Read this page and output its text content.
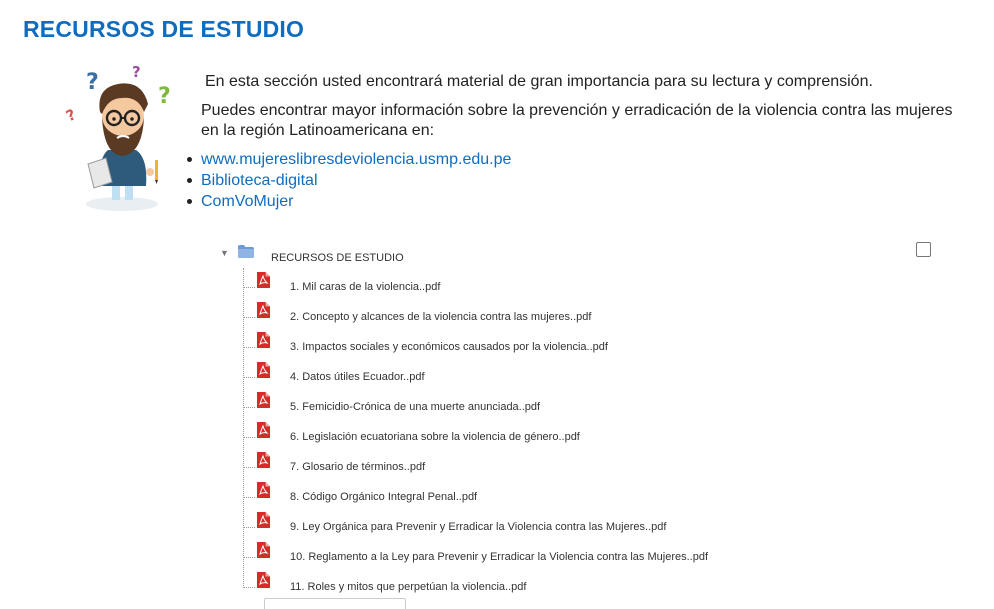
RECURSOS DE ESTUDIO
? ?
?
?

En esta sección usted encontrará material de gran importancia para su lectura y comprensión.

Puedes encontrar mayor información sobre la prevención y erradicación de la violencia contra las mujeres en la región Latinoamericana en:

www.mujereslibresdeviolencia.usmp.edu.pe
Biblioteca-digital
ComVoMujer
▼	RECURSOS DE ESTUDIO
1. Mil caras de la violencia..pdf
2. Concepto y alcances de la violencia contra las mujeres..pdf
3. Impactos sociales y económicos causados por la violencia..pdf
4. Datos útiles Ecuador..pdf
5. Femicidio-Crónica de una muerte anunciada..pdf
6. Legislación ecuatoriana sobre la violencia de género..pdf
7. Glosario de términos..pdf
8. Código Orgánico Integral Penal..pdf
9. Ley Orgánica para Prevenir y Erradicar la Violencia contra las Mujeres..pdf
10. Reglamento a la Ley para Prevenir y Erradicar la Violencia contra las Mujeres..pdf
11. Roles y mitos que perpetúan la violencia..pdf
